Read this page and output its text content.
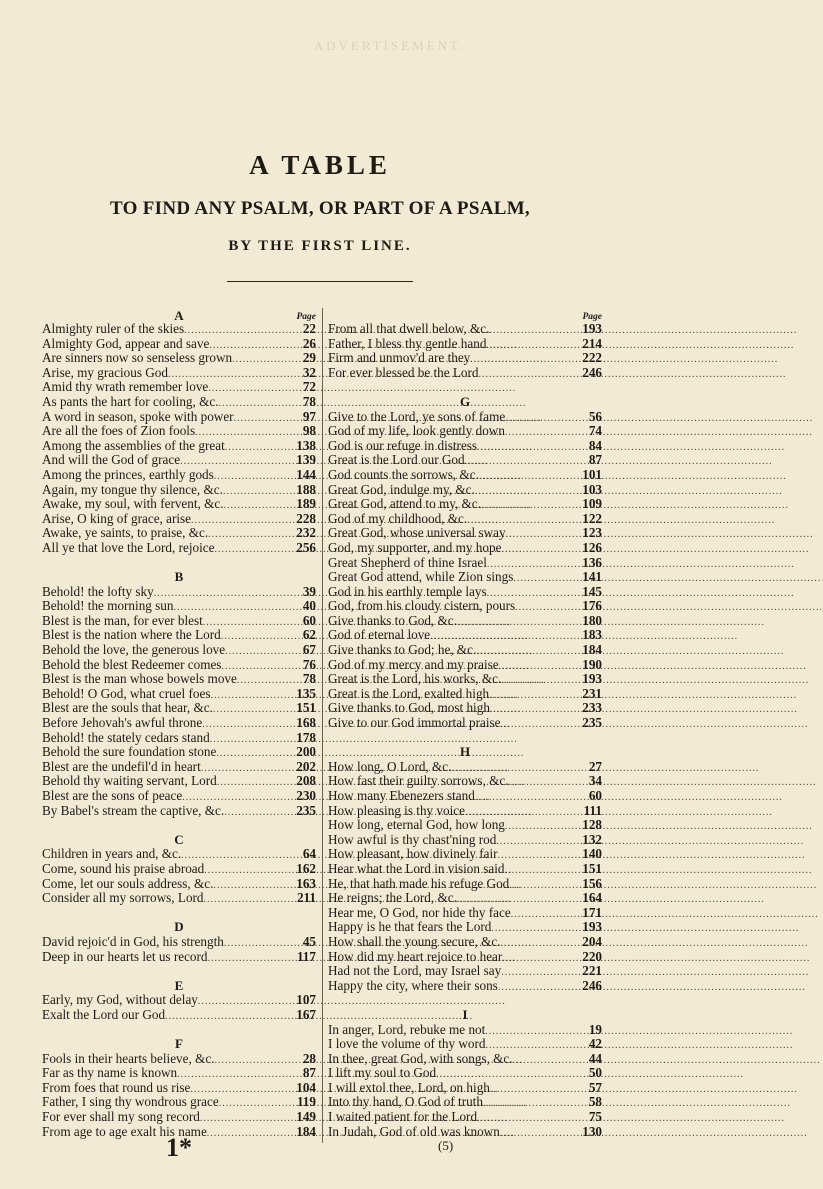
ADVERTISEMENT.
A TABLE
TO FIND ANY PSALM, OR PART OF A PSALM,
BY THE FIRST LINE.
A	Page
Almighty ruler of the skies .....	22
Almighty God, appear and save .....	26
Are sinners now so senseless grown .....	29
Arise, my gracious God .....	32
Amid thy wrath remember love .....	72
As pants the hart for cooling, &c. .....	78
A word in season, spoke with power .....	97
Are all the foes of Zion fools .....	98
Among the assemblies of the great .....	138
And will the God of grace .....	139
Among the princes, earthly gods .....	144
Again, my tongue thy silence, &c. .....	188
Awake, my soul, with fervent, &c. .....	189
Arise, O king of grace, arise .....	228
Awake, ye saints, to praise, &c. .....	232
All ye that love the Lord, rejoice .....	256
B
Behold! the lofty sky .....	39
Behold! the morning sun .....	40
Blest is the man, for ever blest .....	60
Blest is the nation where the Lord .....	62
Behold the love, the generous love .....	67
Behold the blest Redeemer comes .....	76
Blest is the man whose bowels move .....	78
Behold! O God, what cruel foes .....	135
Blest are the souls that hear, &c. .....	151
Before Jehovah's awful throne .....	168
Behold! the stately cedars stand .....	178
Behold the sure foundation stone .....	200
Blest are the undefil'd in heart .....	202
Behold thy waiting servant, Lord .....	208
Blest are the sons of peace .....	230
By Babel's stream the captive, &c. .....	235
C
Children in years and, &c. .....	64
Come, sound his praise abroad .....	162
Come, let our souls address, &c. .....	163
Consider all my sorrows, Lord .....	211
D
David rejoic'd in God, his strength .....	45
Deep in our hearts let us record .....	117
E
Early, my God, without delay .....	107
Exalt the Lord our God .....	167
F
Fools in their hearts believe, &c. .....	28
Far as thy name is known .....	87
From foes that round us rise .....	104
Father, I sing thy wondrous grace .....	119
For ever shall my song record .....	149
From age to age exalt his name .....	184
Page
From all that dwell below, &c. .....	193
Father, I bless thy gentle hand .....	214
Firm and unmov'd are they .....	222
For ever blessed be the Lord .....	246
G
Give to the Lord, ye sons of fame .....	56
God of my life, look gently down .....	74
God is our refuge in distress .....	84
Great is the Lord our God .....	87
God counts the sorrows, &c. .....	101
Great God, indulge my, &c. .....	103
Great God, attend to my, &c. .....	109
God of my childhood, &c. .....	122
Great God, whose universal sway .....	123
God, my supporter, and my hope .....	126
Great Shepherd of thine Israel .....	136
Great God attend, while Zion sings .....	141
God in his earthly temple lays .....	145
God, from his cloudy cistern, pours .....	176
Give thanks to God, &c. .....	180
God of eternal love .....	183
Give thanks to God; he, &c. .....	184
God of my mercy and my praise .....	190
Great is the Lord, his works, &c. .....	193
Great is the Lord, exalted high .....	231
Give thanks to God, most high .....	233
Give to our God immortal praise .....	235
H
How long, O Lord, &c. .....	27
How fast their guilty sorrows, &c. .....	34
How many Ebenezers stand .....	60
How pleasing is thy voice .....	111
How long, eternal God, how long .....	128
How awful is thy chast'ning rod .....	132
How pleasant, how divinely fair .....	140
Hear what the Lord in vision said .....	151
He, that hath made his refuge God .....	156
He reigns; the Lord, &c. .....	164
Hear me, O God, nor hide thy face .....	171
Happy is he that fears the Lord .....	193
How shall the young secure, &c. .....	204
How did my heart rejoice to hear .....	220
Had not the Lord, may Israel say .....	221
Happy the city, where their sons .....	246
I
In anger, Lord, rebuke me not .....	19
I love the volume of thy word .....	42
In thee, great God, with songs, &c. .....	44
I lift my soul to God .....	50
I will extol thee, Lord, on high .....	57
Into thy hand, O God of truth .....	58
I waited patient for the Lord .....	75
In Judah, God of old was known .....	130
1*	(5)
